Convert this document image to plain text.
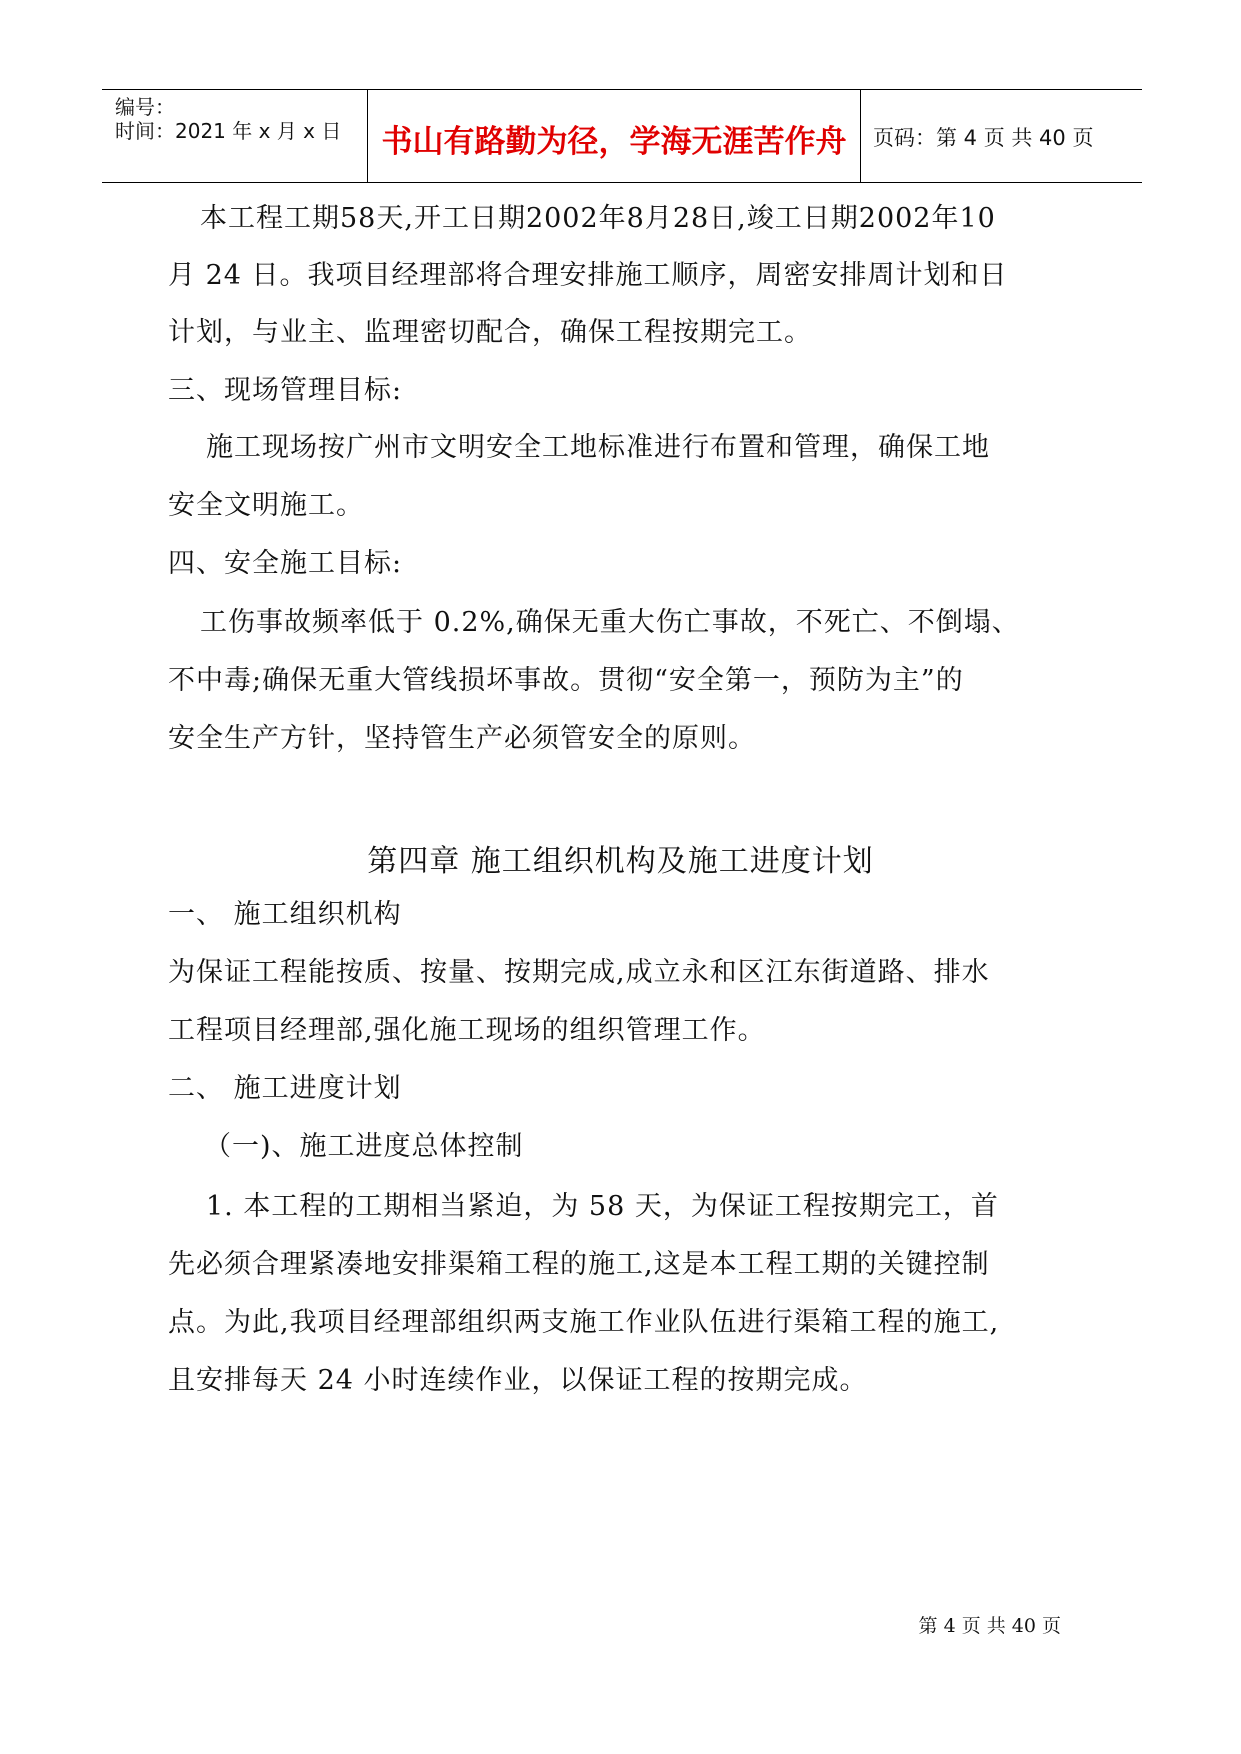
编号：
时间：2021 年 x 月 x 日	书山有路勤为径，学海无涯苦作舟	页码：第 4 页 共 40 页
本工程工期58天,开工日期2002年8月28日,竣工日期2002年10
月 24 日。我项目经理部将合理安排施工顺序，周密安排周计划和日
计划，与业主、监理密切配合，确保工程按期完工。
三、现场管理目标:
施工现场按广州市文明安全工地标准进行布置和管理，确保工地
安全文明施工。
四、安全施工目标:
工伤事故频率低于 0.2%,确保无重大伤亡事故，不死亡、不倒塌、
不中毒;确保无重大管线损坏事故。贯彻“安全第一，预防为主”的
安全生产方针，坚持管生产必须管安全的原则。
第四章 施工组织机构及施工进度计划
一、 施工组织机构
为保证工程能按质、按量、按期完成,成立永和区江东街道路、排水
工程项目经理部,强化施工现场的组织管理工作。
二、 施工进度计划
（一)、施工进度总体控制
1. 本工程的工期相当紧迫，为 58 天，为保证工程按期完工，首
先必须合理紧凑地安排渠箱工程的施工,这是本工程工期的关键控制
点。为此,我项目经理部组织两支施工作业队伍进行渠箱工程的施工,
且安排每天 24 小时连续作业，以保证工程的按期完成。
第 4 页 共 40 页
